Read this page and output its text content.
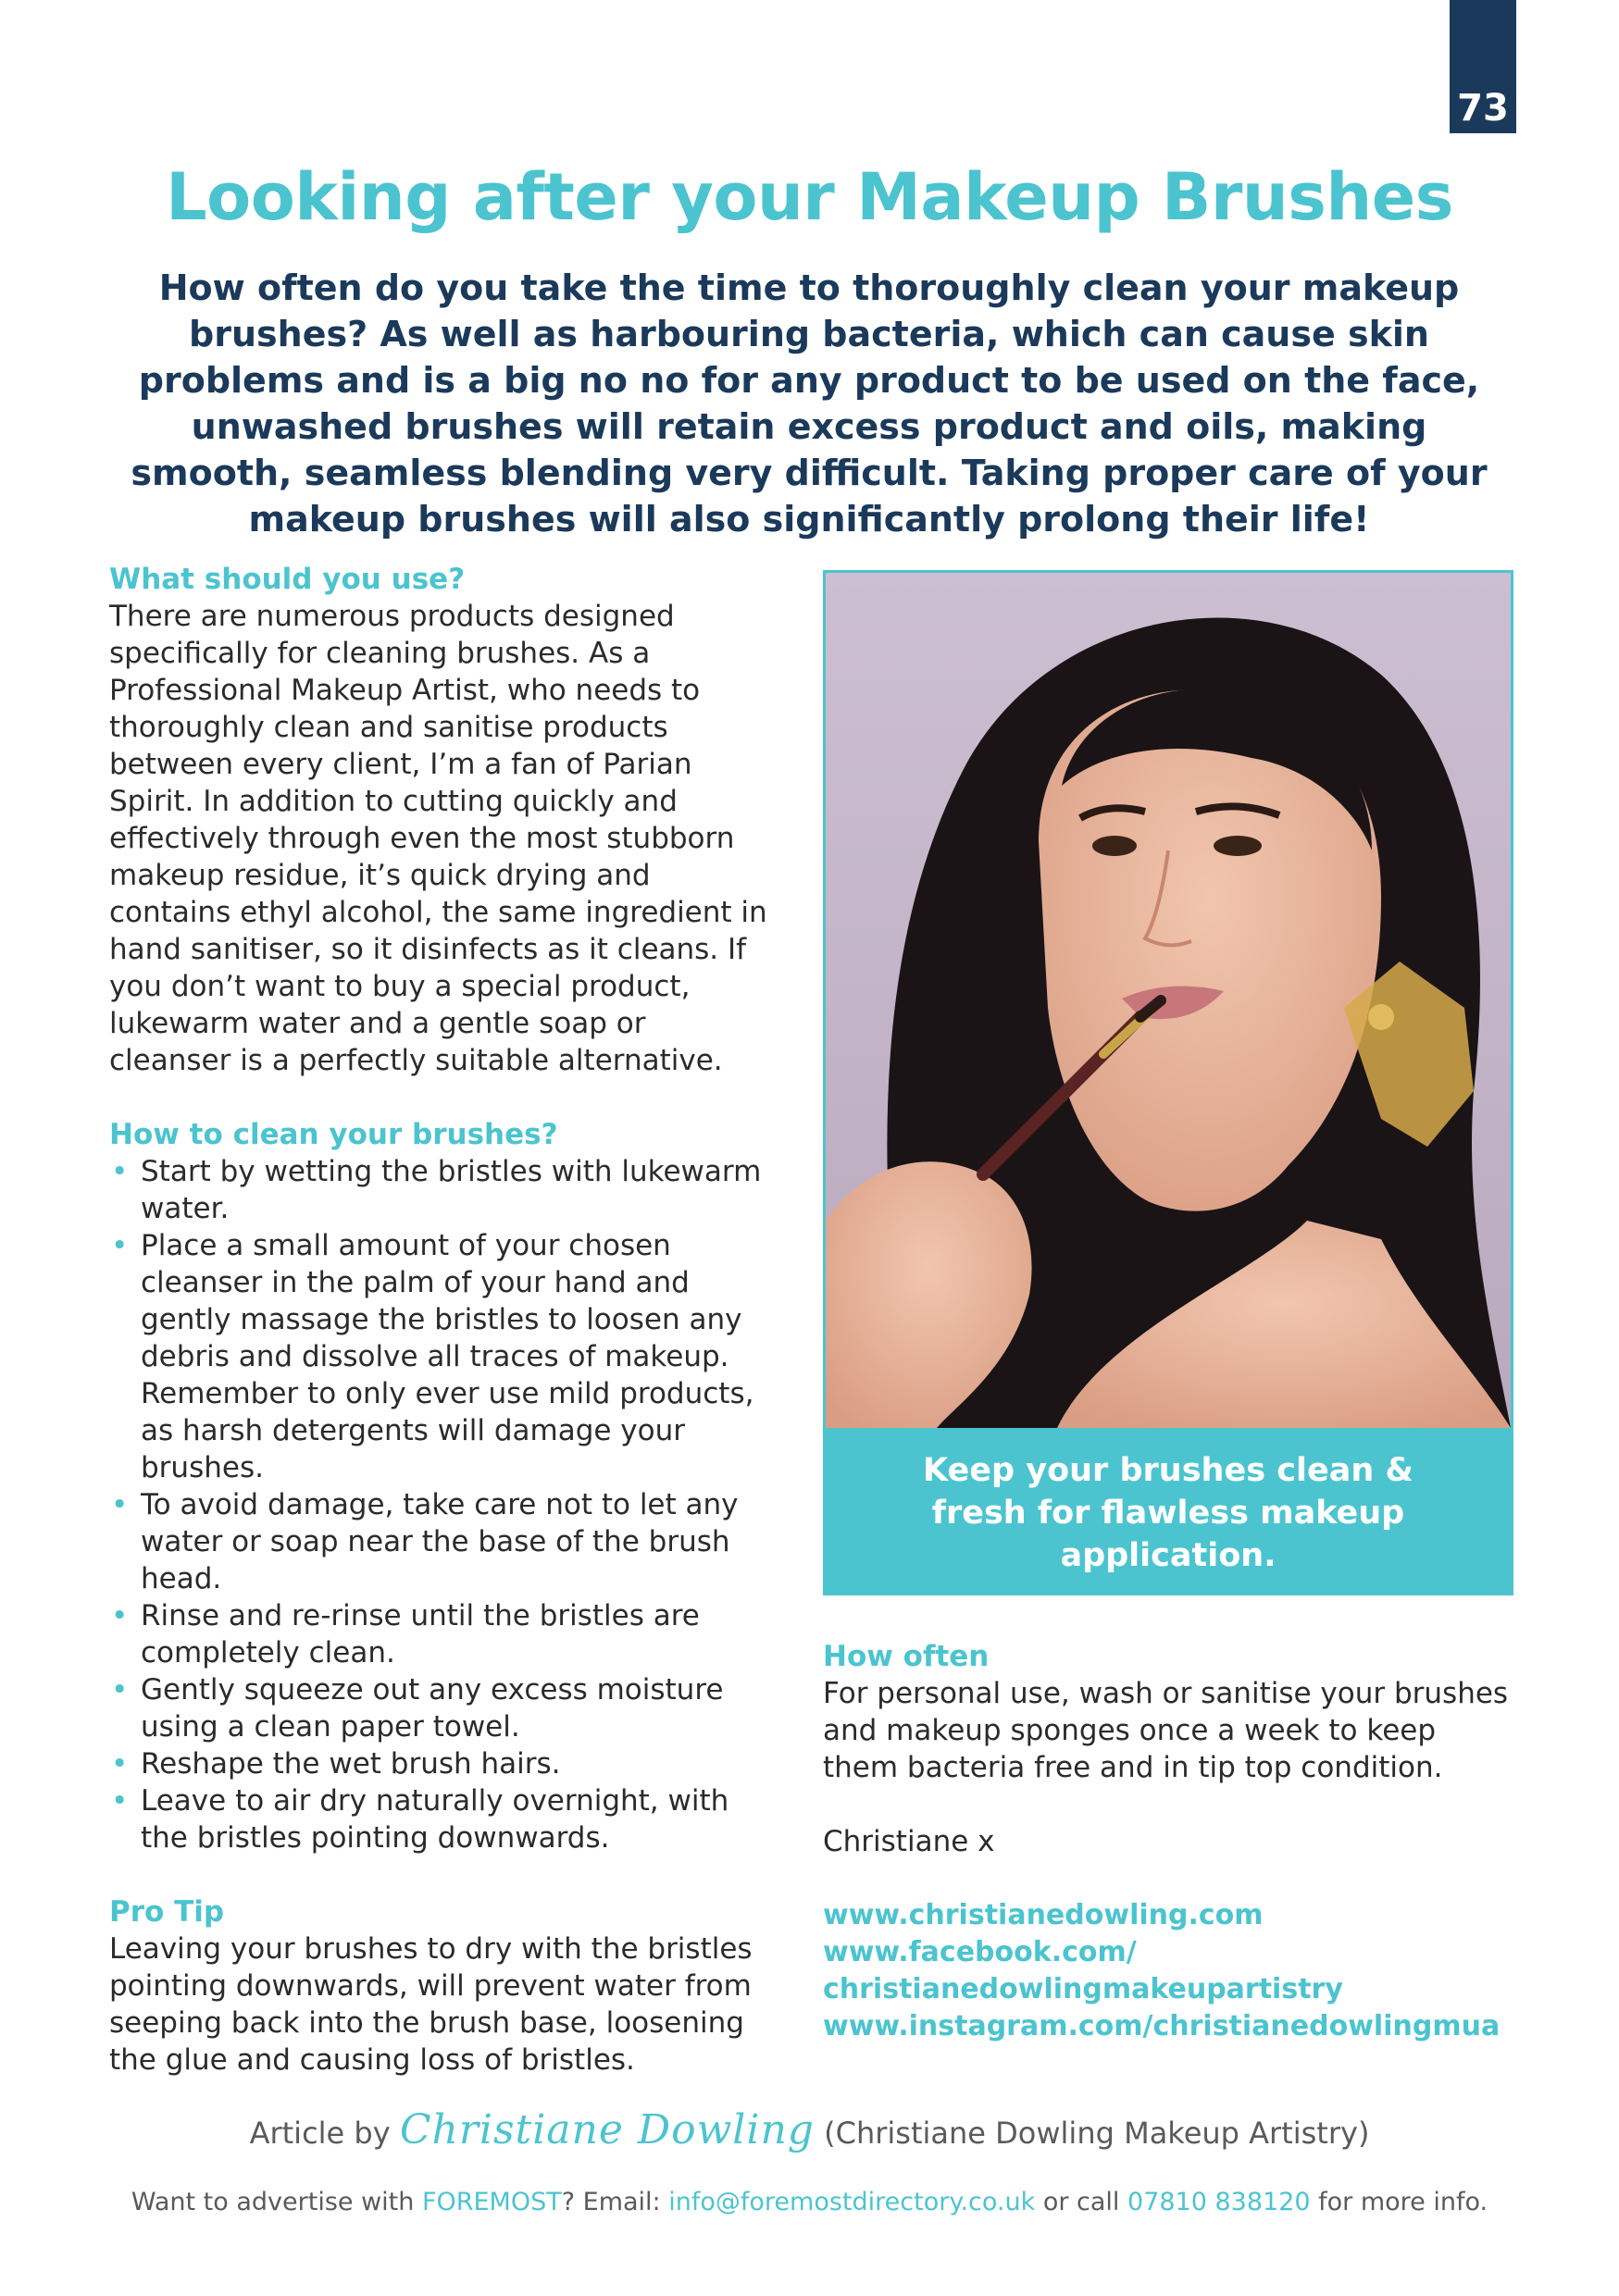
73
Looking after your Makeup Brushes

How often do you take the time to thoroughly clean your makeup brushes? As well as harbouring bacteria, which can cause skin problems and is a big no no for any product to be used on the face, unwashed brushes will retain excess product and oils, making smooth, seamless blending very difficult. Taking proper care of your makeup brushes will also significantly prolong their life!

What should you use?

There are numerous products designed specifically for cleaning brushes. As a Professional Makeup Artist, who needs to thoroughly clean and sanitise products between every client, I’m a fan of Parian Spirit. In addition to cutting quickly and effectively through even the most stubborn makeup residue, it’s quick drying and contains ethyl alcohol, the same ingredient in hand sanitiser, so it disinfects as it cleans. If you don’t want to buy a special product, lukewarm water and a gentle soap or cleanser is a perfectly suitable alternative.

How to clean your brushes?
• Start by wetting the bristles with lukewarm water.
• Place a small amount of your chosen cleanser in the palm of your hand and gently massage the bristles to loosen any debris and dissolve all traces of makeup. Remember to only ever use mild products, as harsh detergents will damage your brushes.
• To avoid damage, take care not to let any water or soap near the base of the brush head.
• Rinse and re-rinse until the bristles are completely clean.
• Gently squeeze out any excess moisture using a clean paper towel.
• Reshape the wet brush hairs.
• Leave to air dry naturally overnight, with the bristles pointing downwards.
Pro Tip

Leaving your brushes to dry with the bristles pointing downwards, will prevent water from seeping back into the brush base, loosening the glue and causing loss of bristles.

Keep your brushes clean & fresh for flawless makeup application.
How often

For personal use, wash or sanitise your brushes and makeup sponges once a week to keep them bacteria free and in tip top condition.

Christiane x

www.christianedowling.com
www.facebook.com/
christianedowlingmakeupartistry
www.instagram.com/christianedowlingmua
Article by Christiane Dowling (Christiane Dowling Makeup Artistry)
Want to advertise with FOREMOST? Email: info@foremostdirectory.co.uk or call 07810 838120 for more info.
